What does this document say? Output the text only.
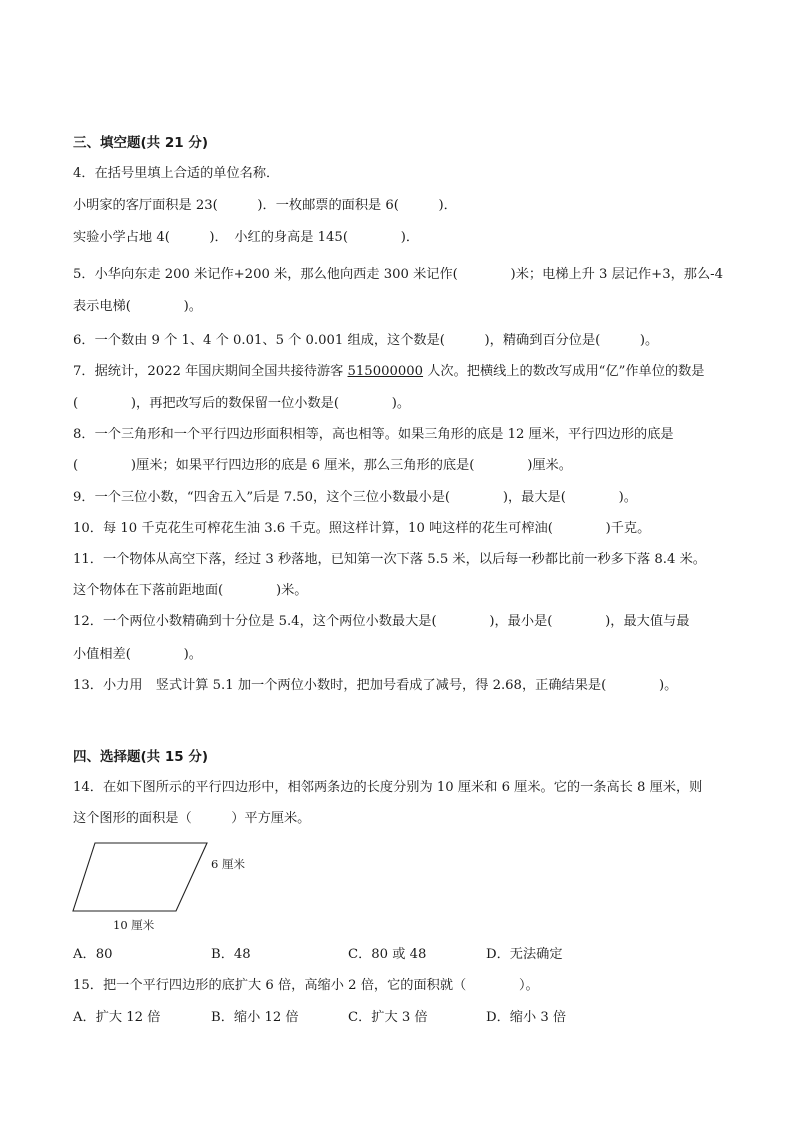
三、填空题(共 21 分)
4．在括号里填上合适的单位名称．
小明家的客厅面积是 23(　　　)．一枚邮票的面积是 6(　　　)．
实验小学占地 4(　　　)．　小红的身高是 145(　　　　)．
5．小华向东走 200 米记作+200 米，那么他向西走 300 米记作(　　　　)米；电梯上升 3 层记作+3，那么-4
表示电梯(　　　　)。
6．一个数由 9 个 1、4 个 0.01、5 个 0.001 组成，这个数是(　　　)，精确到百分位是(　　　)。
7．据统计，2022 年国庆期间全国共接待游客 515000000 人次。把横线上的数改写成用“亿”作单位的数是
(　　　　)，再把改写后的数保留一位小数是(　　　　)。
8．一个三角形和一个平行四边形面积相等，高也相等。如果三角形的底是 12 厘米，平行四边形的底是
(　　　　)厘米；如果平行四边形的底是 6 厘米，那么三角形的底是(　　　　)厘米。
9．一个三位小数，“四舍五入”后是 7.50，这个三位小数最小是(　　　　)，最大是(　　　　)。
10．每 10 千克花生可榨花生油 3.6 千克。照这样计算，10 吨这样的花生可榨油(　　　　)千克。
11．一个物体从高空下落，经过 3 秒落地，已知第一次下落 5.5 米，以后每一秒都比前一秒多下落 8.4 米。
这个物体在下落前距地面(　　　　)米。
12．一个两位小数精确到十分位是 5.4，这个两位小数最大是(　　　　)，最小是(　　　　)，最大值与最
小值相差(　　　　)。
13．小力用　竖式计算 5.1 加一个两位小数时，把加号看成了减号，得 2.68，正确结果是(　　　　)。
四、选择题(共 15 分)
14．在如下图所示的平行四边形中，相邻两条边的长度分别为 10 厘米和 6 厘米。它的一条高长 8 厘米，则
这个图形的面积是（　　　）平方厘米。
6 厘米
10 厘米
A．80	B．48	C．80 或 48	D．无法确定
15．把一个平行四边形的底扩大 6 倍，高缩小 2 倍，它的面积就（　　　　）。
A．扩大 12 倍	B．缩小 12 倍	C．扩大 3 倍	D．缩小 3 倍
